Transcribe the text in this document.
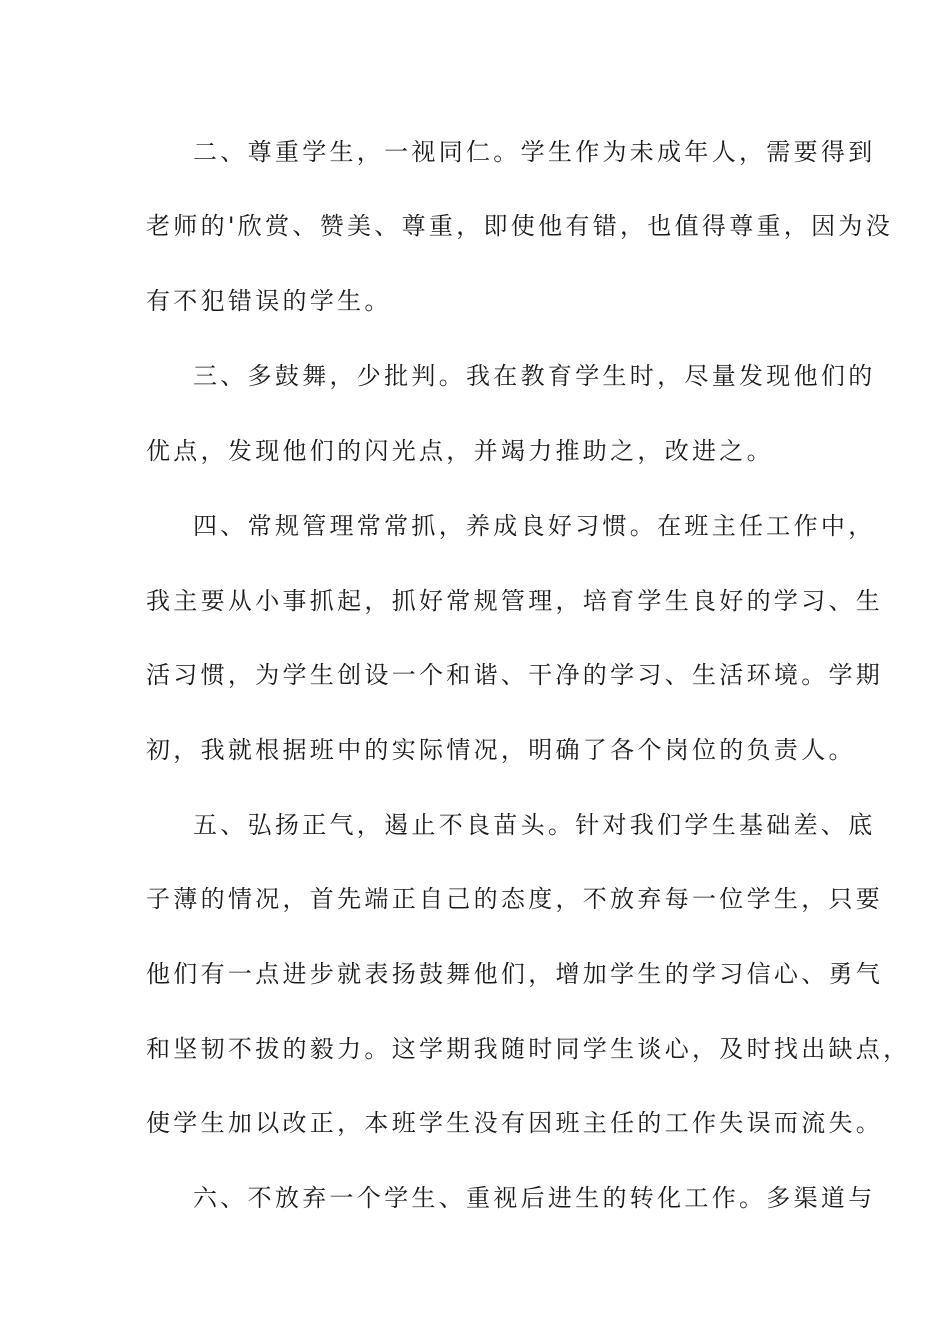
二、尊重学生，一视同仁。学生作为未成年人，需要得到
老师的'欣赏、赞美、尊重，即使他有错，也值得尊重，因为没
有不犯错误的学生。
三、多鼓舞，少批判。我在教育学生时，尽量发现他们的
优点，发现他们的闪光点，并竭力推助之，改进之。
四、常规管理常常抓，养成良好习惯。在班主任工作中，
我主要从小事抓起，抓好常规管理，培育学生良好的学习、生
活习惯，为学生创设一个和谐、干净的学习、生活环境。学期
初，我就根据班中的实际情况，明确了各个岗位的负责人。
五、弘扬正气，遏止不良苗头。针对我们学生基础差、底
子薄的情况，首先端正自己的态度，不放弃每一位学生，只要
他们有一点进步就表扬鼓舞他们，增加学生的学习信心、勇气
和坚韧不拔的毅力。这学期我随时同学生谈心，及时找出缺点，
使学生加以改正，本班学生没有因班主任的工作失误而流失。
六、不放弃一个学生、重视后进生的转化工作。多渠道与
